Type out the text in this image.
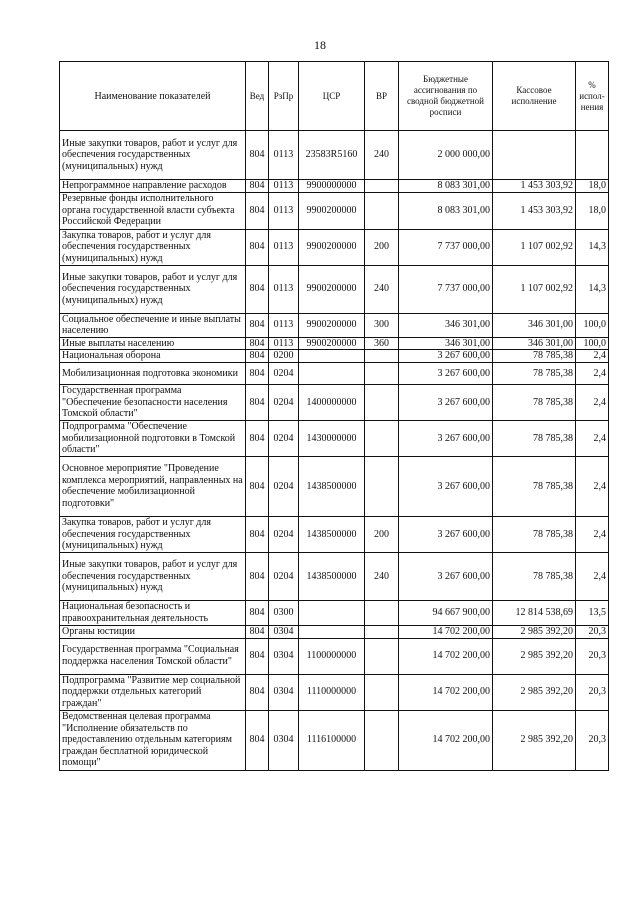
18
Наименование показателей	Вед	РзПр	ЦСР	ВР	Бюджетные ассигнования по сводной бюджетной росписи	Кассовое исполнение	% испол-нения
Иные закупки товаров, работ и услуг для обеспечения государственных (муниципальных) нужд	804	0113	23583R5160	240	2 000 000,00		
Непрограммное направление расходов	804	0113	9900000000		8 083 301,00	1 453 303,92	18,0
Резервные фонды исполнительного органа государственной власти субъекта Российской Федерации	804	0113	9900200000		8 083 301,00	1 453 303,92	18,0
Закупка товаров, работ и услуг для обеспечения государственных (муниципальных) нужд	804	0113	9900200000	200	7 737 000,00	1 107 002,92	14,3
Иные закупки товаров, работ и услуг для обеспечения государственных (муниципальных) нужд	804	0113	9900200000	240	7 737 000,00	1 107 002,92	14,3
Социальное обеспечение и иные выплаты населению	804	0113	9900200000	300	346 301,00	346 301,00	100,0
Иные выплаты населению	804	0113	9900200000	360	346 301,00	346 301,00	100,0
Национальная оборона	804	0200			3 267 600,00	78 785,38	2,4
Мобилизационная подготовка экономики	804	0204			3 267 600,00	78 785,38	2,4
Государственная программа "Обеспечение безопасности населения Томской области"	804	0204	1400000000		3 267 600,00	78 785,38	2,4
Подпрограмма "Обеспечение мобилизационной подготовки в Томской области"	804	0204	1430000000		3 267 600,00	78 785,38	2,4
Основное мероприятие "Проведение комплекса мероприятий, направленных на обеспечение мобилизационной подготовки"	804	0204	1438500000		3 267 600,00	78 785,38	2,4
Закупка товаров, работ и услуг для обеспечения государственных (муниципальных) нужд	804	0204	1438500000	200	3 267 600,00	78 785,38	2,4
Иные закупки товаров, работ и услуг для обеспечения государственных (муниципальных) нужд	804	0204	1438500000	240	3 267 600,00	78 785,38	2,4
Национальная безопасность и правоохранительная деятельность	804	0300			94 667 900,00	12 814 538,69	13,5
Органы юстиции	804	0304			14 702 200,00	2 985 392,20	20,3
Государственная программа "Социальная поддержка населения Томской области"	804	0304	1100000000		14 702 200,00	2 985 392,20	20,3
Подпрограмма "Развитие мер социальной поддержки отдельных категорий граждан"	804	0304	1110000000		14 702 200,00	2 985 392,20	20,3
Ведомственная целевая программа "Исполнение обязательств по предоставлению отдельным категориям граждан бесплатной юридической помощи"	804	0304	1116100000		14 702 200,00	2 985 392,20	20,3
